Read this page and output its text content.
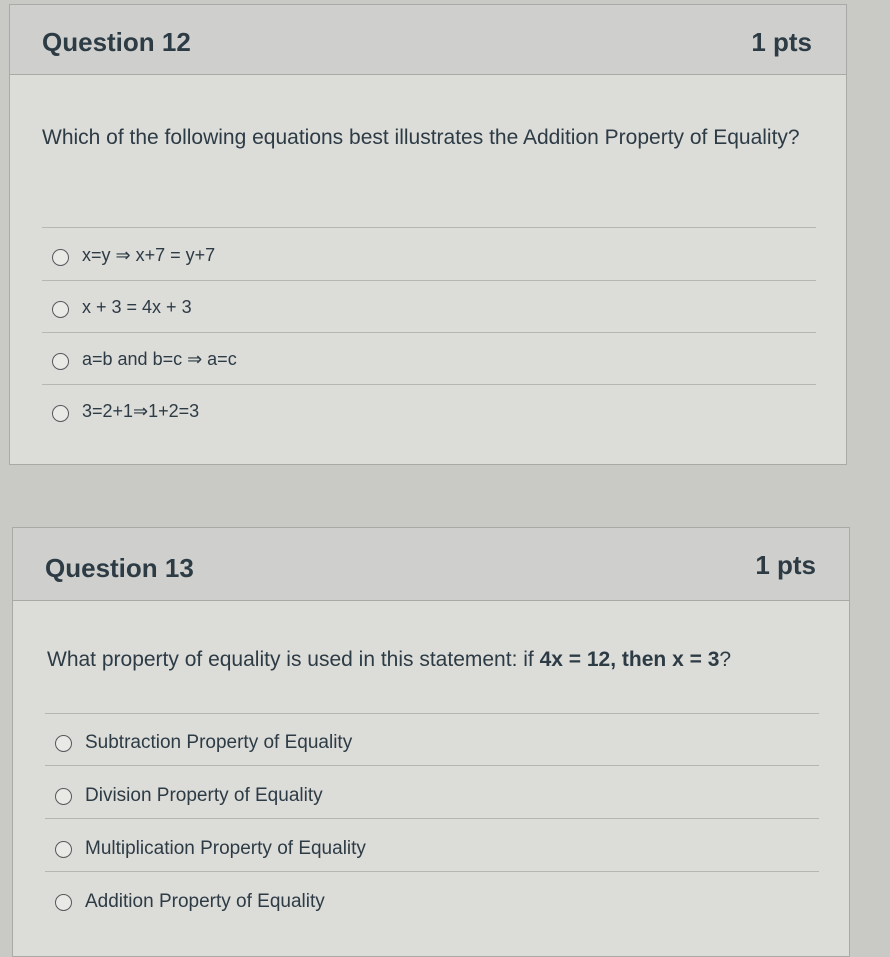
Question 12	1 pts
Which of the following equations best illustrates the Addition Property of Equality?
x=y ⇒ x+7 = y+7
x + 3 = 4x + 3
a=b and b=c ⇒ a=c
3=2+1⇒1+2=3
Question 13	1 pts
What property of equality is used in this statement: if 4x = 12, then x = 3?
Subtraction Property of Equality
Division Property of Equality
Multiplication Property of Equality
Addition Property of Equality
